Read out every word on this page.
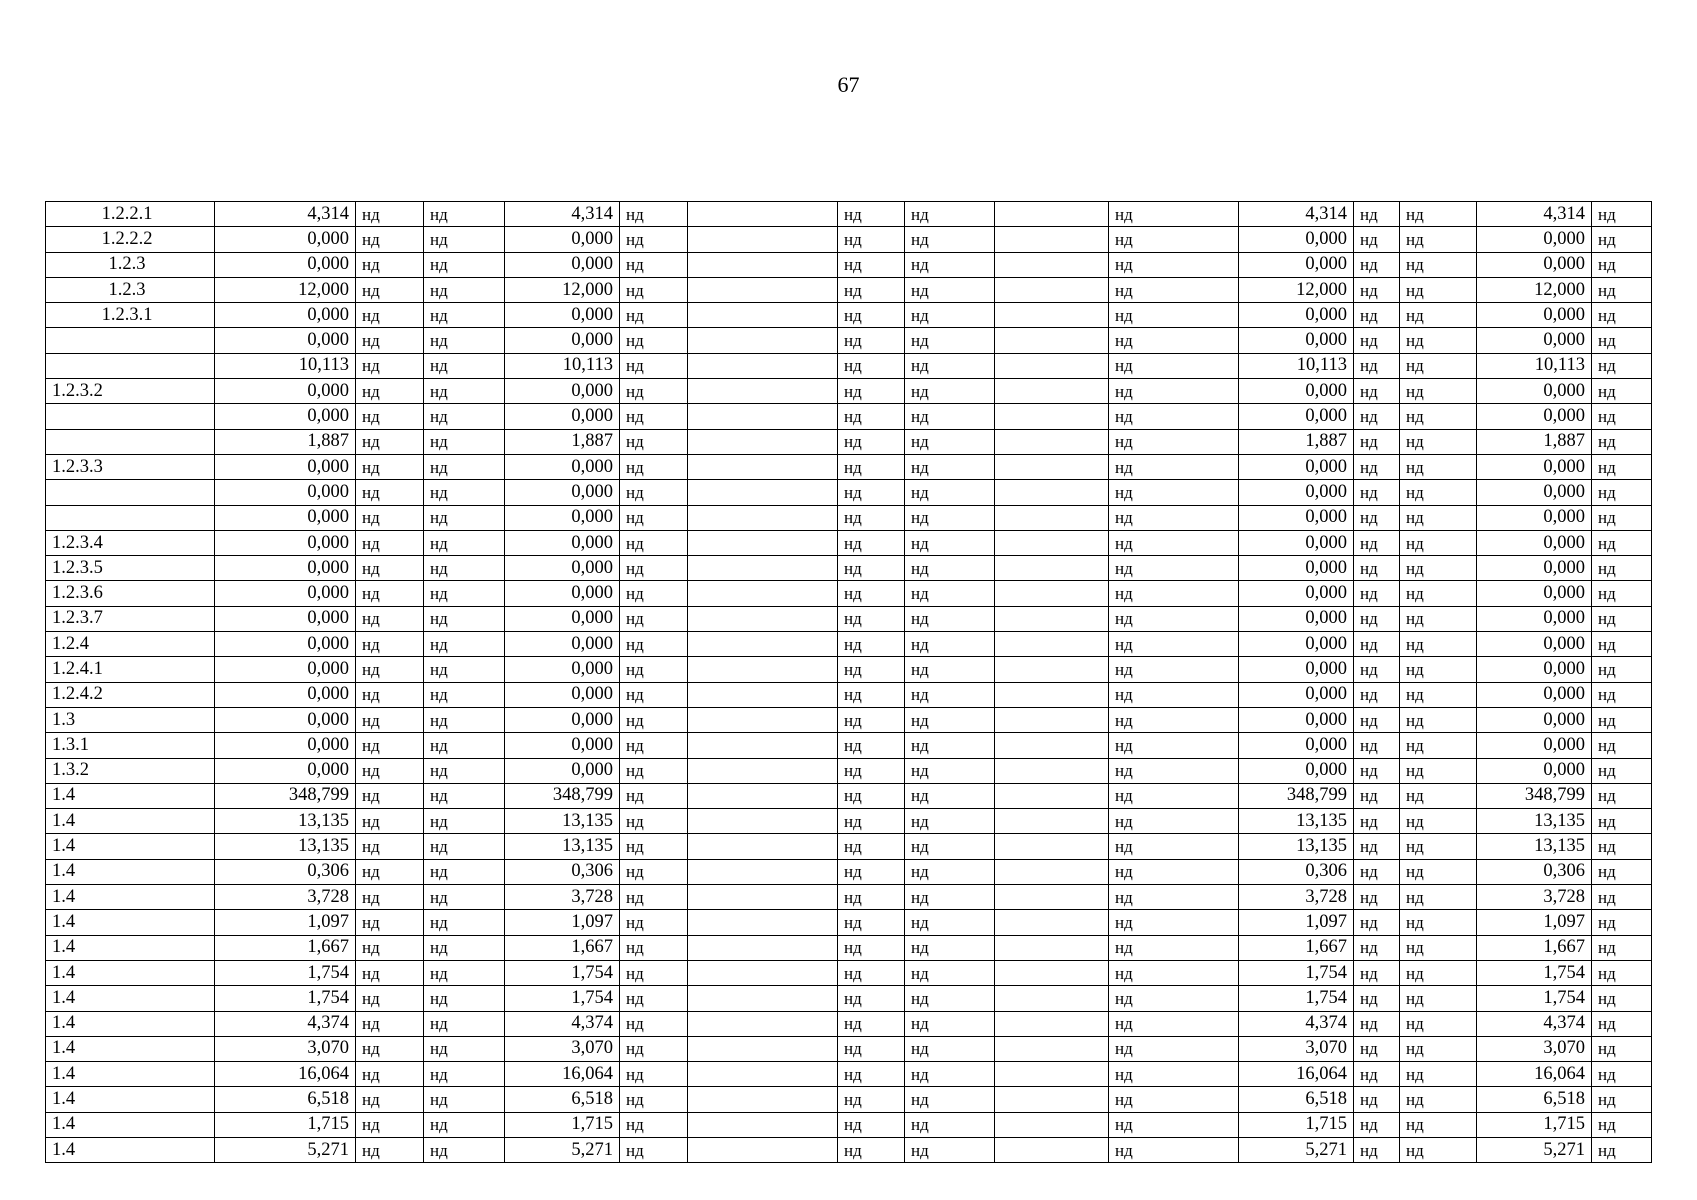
67
1.2.2.1	4,314	нд	нд	4,314	нд		нд	нд		нд	4,314	нд	нд	4,314	нд
1.2.2.2	0,000	нд	нд	0,000	нд		нд	нд		нд	0,000	нд	нд	0,000	нд
1.2.3	0,000	нд	нд	0,000	нд		нд	нд		нд	0,000	нд	нд	0,000	нд
1.2.3	12,000	нд	нд	12,000	нд		нд	нд		нд	12,000	нд	нд	12,000	нд
1.2.3.1	0,000	нд	нд	0,000	нд		нд	нд		нд	0,000	нд	нд	0,000	нд
	0,000	нд	нд	0,000	нд		нд	нд		нд	0,000	нд	нд	0,000	нд
	10,113	нд	нд	10,113	нд		нд	нд		нд	10,113	нд	нд	10,113	нд
1.2.3.2	0,000	нд	нд	0,000	нд		нд	нд		нд	0,000	нд	нд	0,000	нд
	0,000	нд	нд	0,000	нд		нд	нд		нд	0,000	нд	нд	0,000	нд
	1,887	нд	нд	1,887	нд		нд	нд		нд	1,887	нд	нд	1,887	нд
1.2.3.3	0,000	нд	нд	0,000	нд		нд	нд		нд	0,000	нд	нд	0,000	нд
	0,000	нд	нд	0,000	нд		нд	нд		нд	0,000	нд	нд	0,000	нд
	0,000	нд	нд	0,000	нд		нд	нд		нд	0,000	нд	нд	0,000	нд
1.2.3.4	0,000	нд	нд	0,000	нд		нд	нд		нд	0,000	нд	нд	0,000	нд
1.2.3.5	0,000	нд	нд	0,000	нд		нд	нд		нд	0,000	нд	нд	0,000	нд
1.2.3.6	0,000	нд	нд	0,000	нд		нд	нд		нд	0,000	нд	нд	0,000	нд
1.2.3.7	0,000	нд	нд	0,000	нд		нд	нд		нд	0,000	нд	нд	0,000	нд
1.2.4	0,000	нд	нд	0,000	нд		нд	нд		нд	0,000	нд	нд	0,000	нд
1.2.4.1	0,000	нд	нд	0,000	нд		нд	нд		нд	0,000	нд	нд	0,000	нд
1.2.4.2	0,000	нд	нд	0,000	нд		нд	нд		нд	0,000	нд	нд	0,000	нд
1.3	0,000	нд	нд	0,000	нд		нд	нд		нд	0,000	нд	нд	0,000	нд
1.3.1	0,000	нд	нд	0,000	нд		нд	нд		нд	0,000	нд	нд	0,000	нд
1.3.2	0,000	нд	нд	0,000	нд		нд	нд		нд	0,000	нд	нд	0,000	нд
1.4	348,799	нд	нд	348,799	нд		нд	нд		нд	348,799	нд	нд	348,799	нд
1.4	13,135	нд	нд	13,135	нд		нд	нд		нд	13,135	нд	нд	13,135	нд
1.4	13,135	нд	нд	13,135	нд		нд	нд		нд	13,135	нд	нд	13,135	нд
1.4	0,306	нд	нд	0,306	нд		нд	нд		нд	0,306	нд	нд	0,306	нд
1.4	3,728	нд	нд	3,728	нд		нд	нд		нд	3,728	нд	нд	3,728	нд
1.4	1,097	нд	нд	1,097	нд		нд	нд		нд	1,097	нд	нд	1,097	нд
1.4	1,667	нд	нд	1,667	нд		нд	нд		нд	1,667	нд	нд	1,667	нд
1.4	1,754	нд	нд	1,754	нд		нд	нд		нд	1,754	нд	нд	1,754	нд
1.4	1,754	нд	нд	1,754	нд		нд	нд		нд	1,754	нд	нд	1,754	нд
1.4	4,374	нд	нд	4,374	нд		нд	нд		нд	4,374	нд	нд	4,374	нд
1.4	3,070	нд	нд	3,070	нд		нд	нд		нд	3,070	нд	нд	3,070	нд
1.4	16,064	нд	нд	16,064	нд		нд	нд		нд	16,064	нд	нд	16,064	нд
1.4	6,518	нд	нд	6,518	нд		нд	нд		нд	6,518	нд	нд	6,518	нд
1.4	1,715	нд	нд	1,715	нд		нд	нд		нд	1,715	нд	нд	1,715	нд
1.4	5,271	нд	нд	5,271	нд		нд	нд		нд	5,271	нд	нд	5,271	нд
